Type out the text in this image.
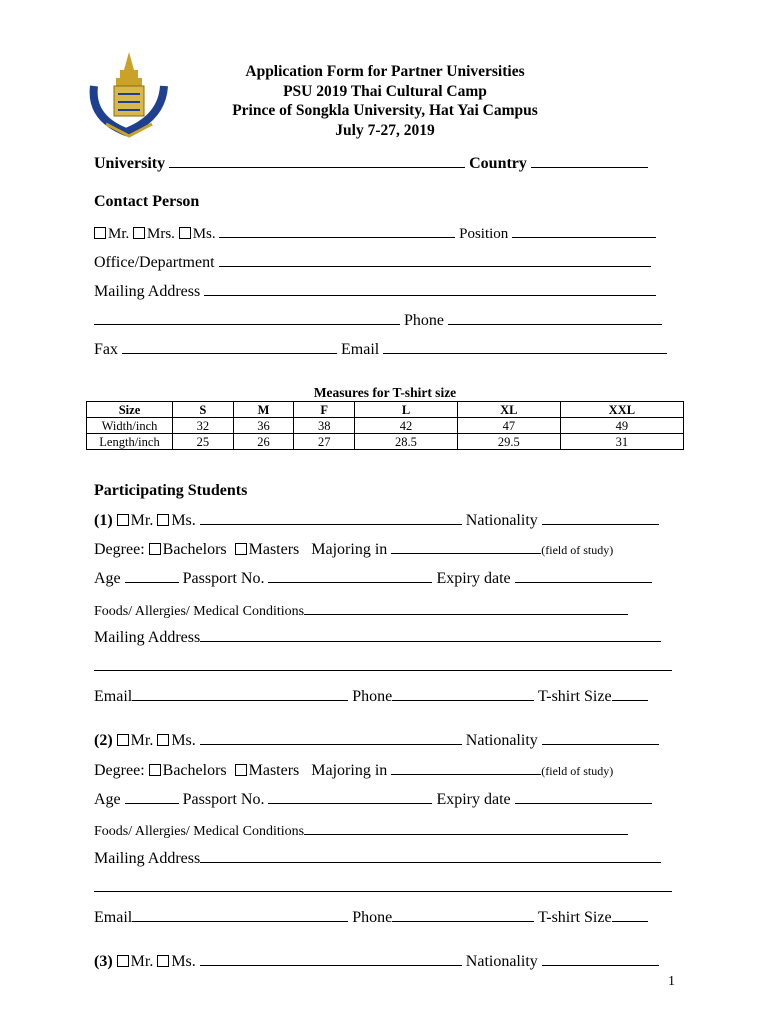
Application Form for Partner Universities
PSU 2019 Thai Cultural Camp
Prince of Songkla University, Hat Yai Campus
July 7-27, 2019
University	Country
Contact Person
Mr. Mrs. Ms.	Position
Office/Department
Mailing Address
Phone
Fax	Email
Measures for T-shirt size
Size	S	M	F	L	XL	XXL
Width/inch	32	36	38	42	47	49
Length/inch	25	26	27	28.5	29.5	31
Participating Students
(1) Mr. Ms.	Nationality
Degree: Bachelors Masters Majoring in	(field of study)
Age	Passport No.	Expiry date
Foods/ Allergies/ Medical Conditions
Mailing Address
Email	Phone	T-shirt Size
(2) Mr. Ms.	Nationality
Degree: Bachelors Masters Majoring in	(field of study)
Age	Passport No.	Expiry date
Foods/ Allergies/ Medical Conditions
Mailing Address
Email	Phone	T-shirt Size
(3) Mr. Ms.	Nationality
1
